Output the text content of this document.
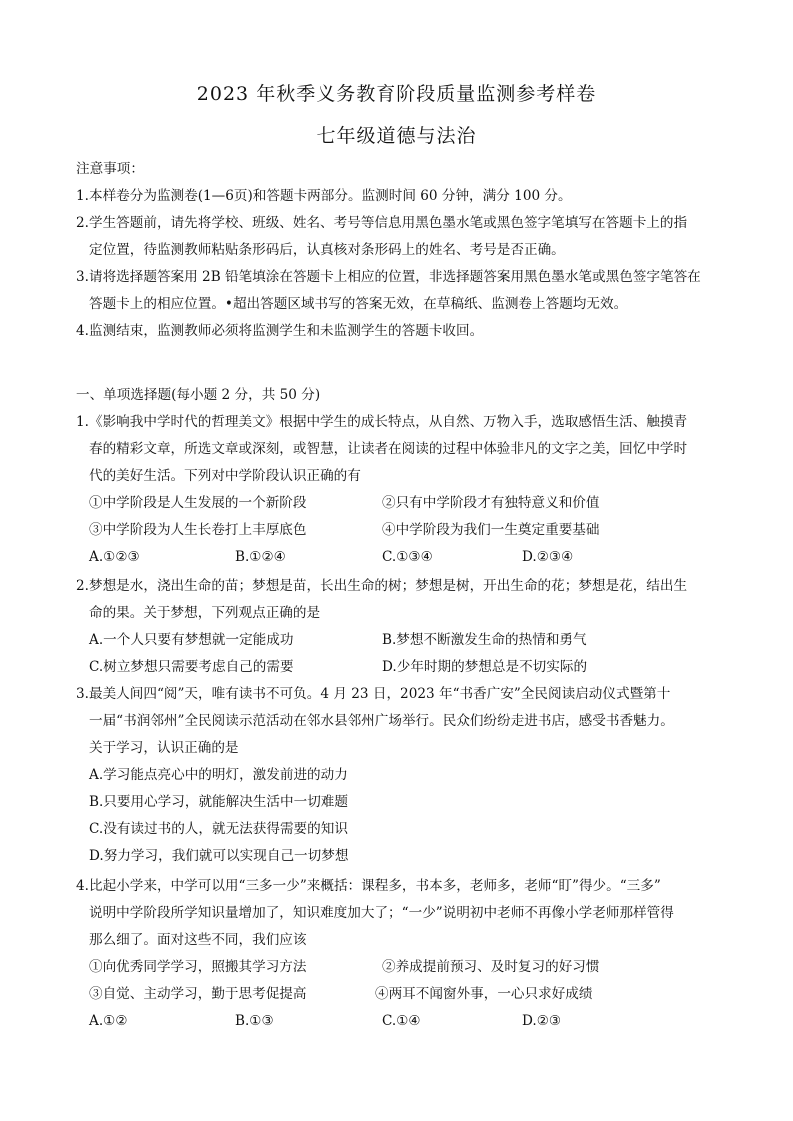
2023 年秋季义务教育阶段质量监测参考样卷
七年级道德与法治
注意事项：
1.本样卷分为监测卷(1—6页)和答题卡两部分。监测时间 60 分钟，满分 100 分。
2.学生答题前，请先将学校、班级、姓名、考号等信息用黑色墨水笔或黑色签字笔填写在答题卡上的指
定位置，待监测教师粘贴条形码后，认真核对条形码上的姓名、考号是否正确。
3.请将选择题答案用 2B 铅笔填涂在答题卡上相应的位置，非选择题答案用黑色墨水笔或黑色签字笔答在
答题卡上的相应位置。•超出答题区域书写的答案无效，在草稿纸、监测卷上答题均无效。
4.监测结束，监测教师必须将监测学生和未监测学生的答题卡收回。
一、单项选择题(每小题 2 分，共 50 分)
1.《影响我中学时代的哲理美文》根据中学生的成长特点，从自然、万物入手，选取感悟生活、触摸青
春的精彩文章，所选文章或深刻，或智慧，让读者在阅读的过程中体验非凡的文字之美，回忆中学时
代的美好生活。下列对中学阶段认识正确的有
①中学阶段是人生发展的一个新阶段	②只有中学阶段才有独特意义和价值
③中学阶段为人生长卷打上丰厚底色	④中学阶段为我们一生奠定重要基础
A.①②③	B.①②④	C.①③④	D.②③④
2.梦想是水，浇出生命的苗；梦想是苗，长出生命的树；梦想是树，开出生命的花；梦想是花，结出生
命的果。关于梦想，下列观点正确的是
A.一个人只要有梦想就一定能成功	B.梦想不断激发生命的热情和勇气
C.树立梦想只需要考虑自己的需要	D.少年时期的梦想总是不切实际的
3.最美人间四“阅”天，唯有读书不可负。4 月 23 日，2023 年“书香广安”全民阅读启动仪式暨第十
一届“书润邻州”全民阅读示范活动在邻水县邻州广场举行。民众们纷纷走进书店，感受书香魅力。
关于学习，认识正确的是
A.学习能点亮心中的明灯，激发前进的动力
B.只要用心学习，就能解决生活中一切难题
C.没有读过书的人，就无法获得需要的知识
D.努力学习，我们就可以实现自己一切梦想
4.比起小学来，中学可以用“三多一少”来概括：课程多，书本多，老师多，老师“盯”得少。“三多”
说明中学阶段所学知识量增加了，知识难度加大了；“一少”说明初中老师不再像小学老师那样管得
那么细了。面对这些不同，我们应该
①向优秀同学学习，照搬其学习方法	②养成提前预习、及时复习的好习惯
③自觉、主动学习，勤于思考促提高	④两耳不闻窗外事，一心只求好成绩
A.①②	B.①③	C.①④	D.②③
